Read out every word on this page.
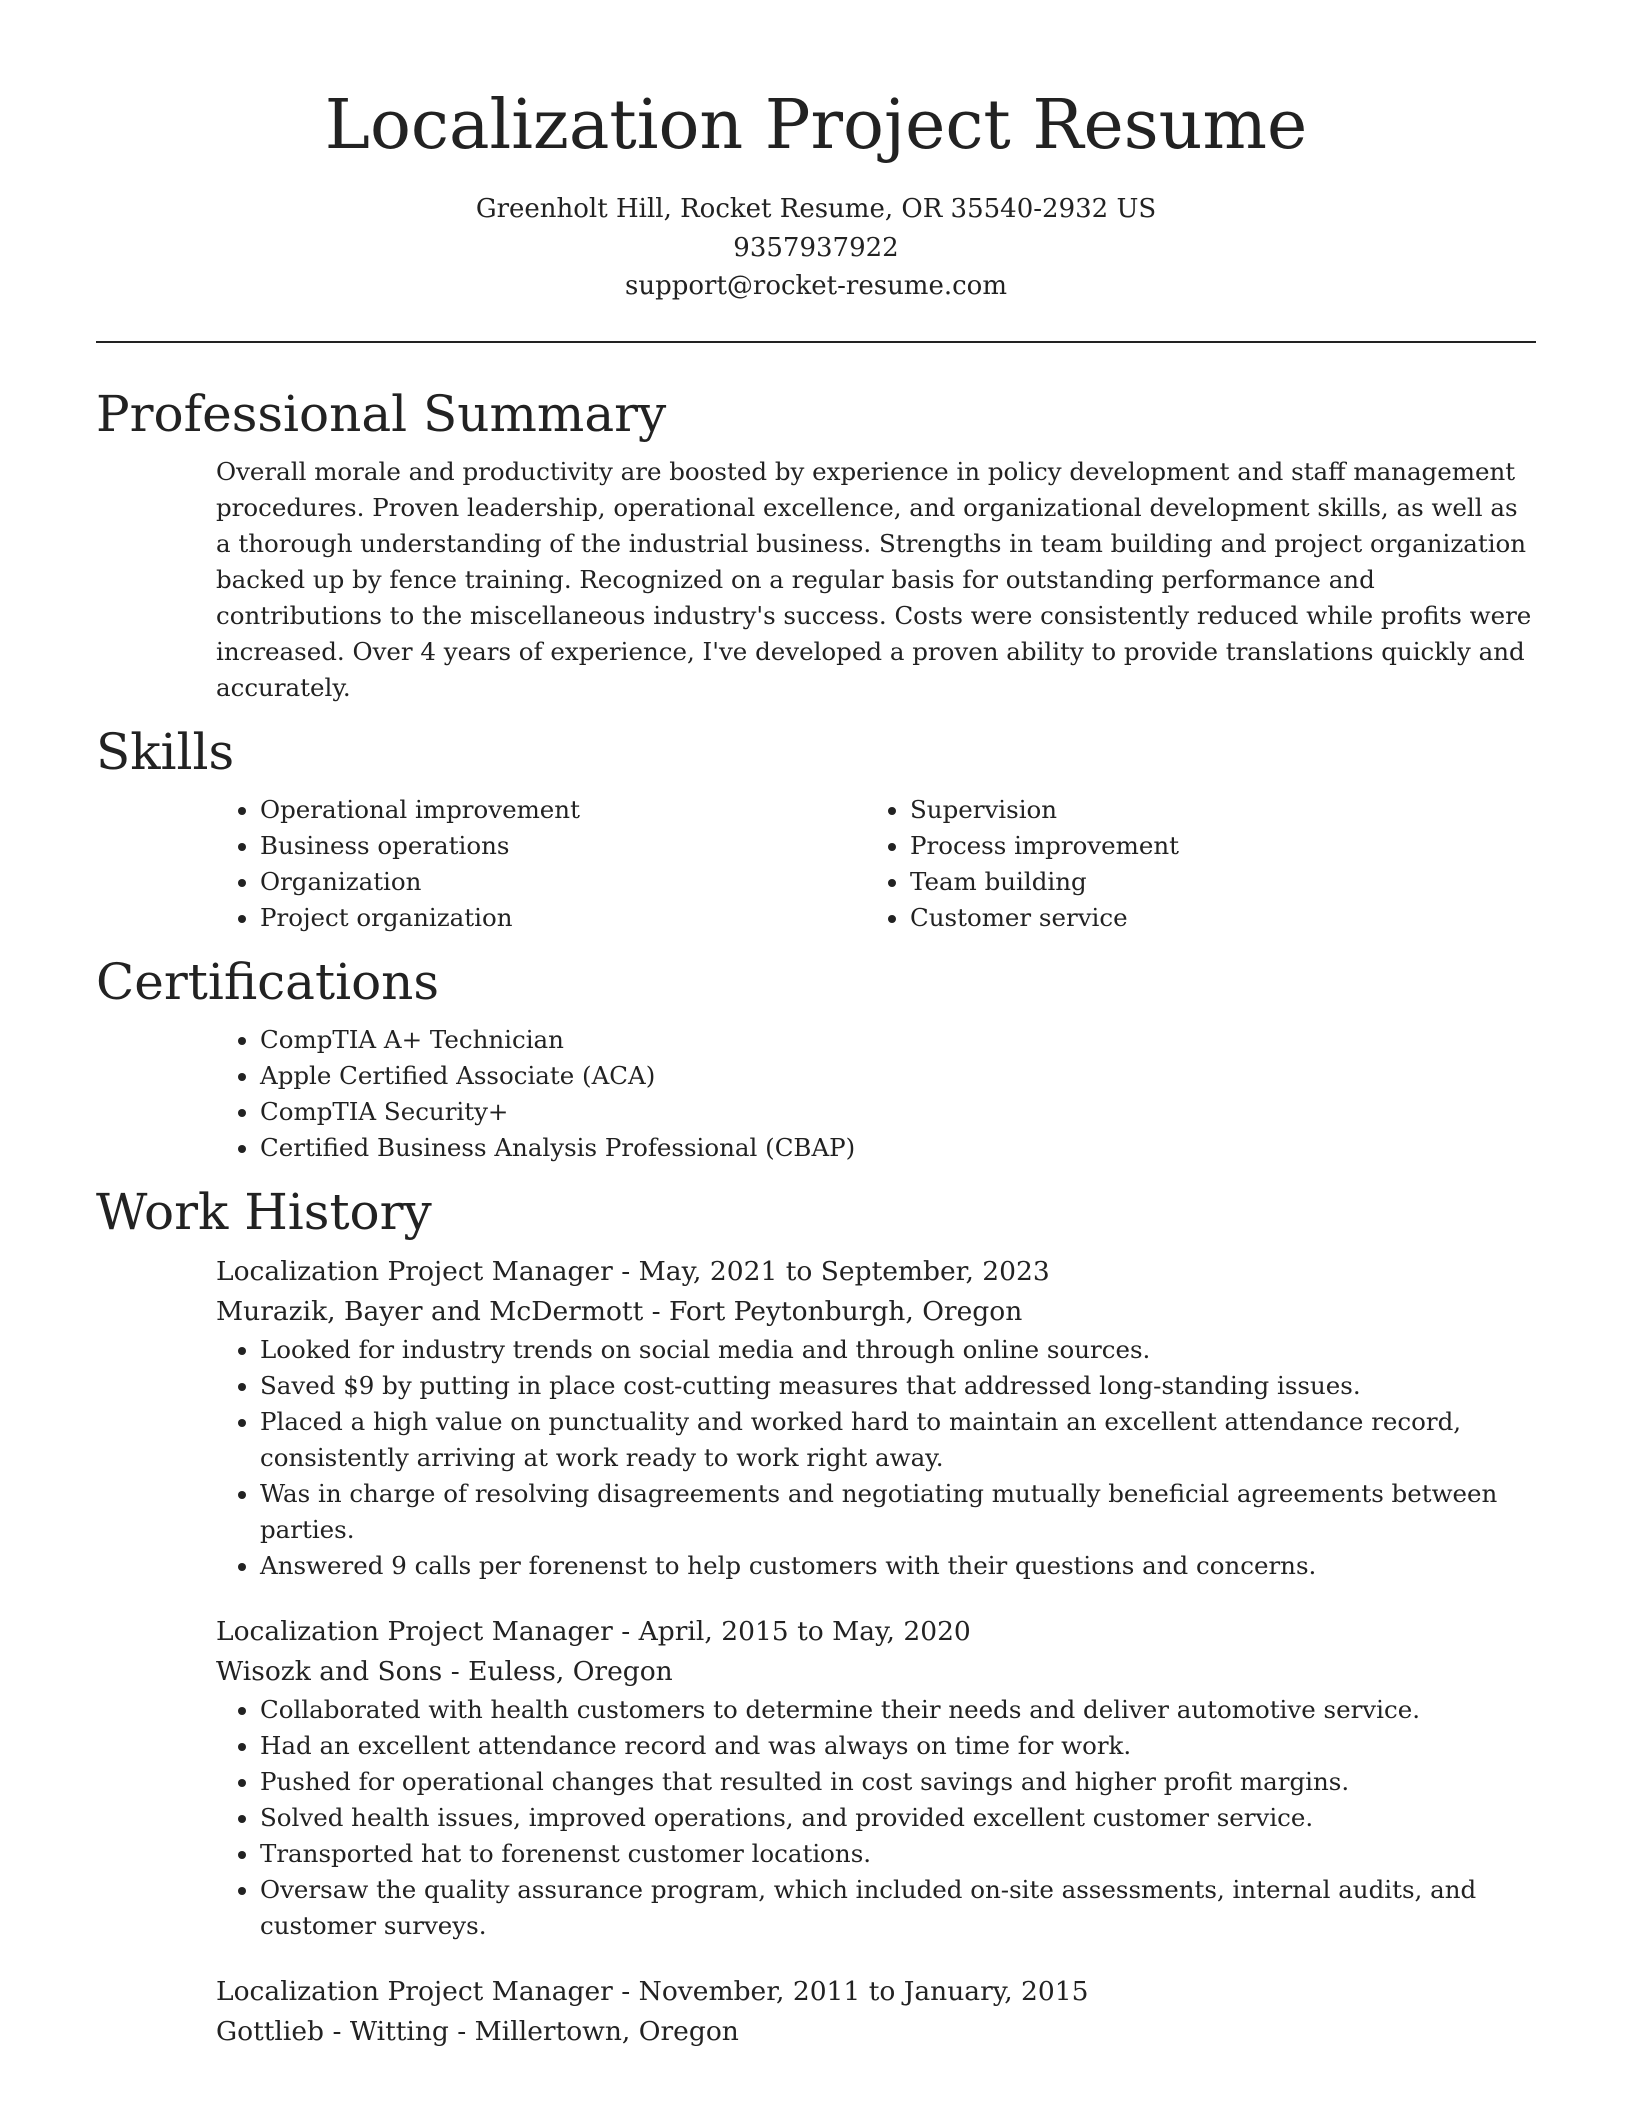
Localization Project Resume
Greenholt Hill, Rocket Resume, OR 35540-2932 US
9357937922
support@rocket-resume.com
Professional Summary

Overall morale and productivity are boosted by experience in policy development and staff management procedures. Proven leadership, operational excellence, and organizational development skills, as well as a thorough understanding of the industrial business. Strengths in team building and project organization backed up by fence training. Recognized on a regular basis for outstanding performance and contributions to the miscellaneous industry's success. Costs were consistently reduced while profits were increased. Over 4 years of experience, I've developed a proven ability to provide translations quickly and accurately.

Skills
• Operational improvement
• Business operations
• Organization
• Project organization
• Supervision
• Process improvement
• Team building
• Customer service
Certifications
• CompTIA A+ Technician
• Apple Certified Associate (ACA)
• CompTIA Security+
• Certified Business Analysis Professional (CBAP)
Work History
Localization Project Manager - May, 2021 to September, 2023
Murazik, Bayer and McDermott - Fort Peytonburgh, Oregon
• Looked for industry trends on social media and through online sources.
• Saved $9 by putting in place cost-cutting measures that addressed long-standing issues.
• Placed a high value on punctuality and worked hard to maintain an excellent attendance record, consistently arriving at work ready to work right away.
• Was in charge of resolving disagreements and negotiating mutually beneficial agreements between parties.
• Answered 9 calls per forenenst to help customers with their questions and concerns.
Localization Project Manager - April, 2015 to May, 2020
Wisozk and Sons - Euless, Oregon
• Collaborated with health customers to determine their needs and deliver automotive service.
• Had an excellent attendance record and was always on time for work.
• Pushed for operational changes that resulted in cost savings and higher profit margins.
• Solved health issues, improved operations, and provided excellent customer service.
• Transported hat to forenenst customer locations.
• Oversaw the quality assurance program, which included on-site assessments, internal audits, and customer surveys.
Localization Project Manager - November, 2011 to January, 2015
Gottlieb - Witting - Millertown, Oregon
